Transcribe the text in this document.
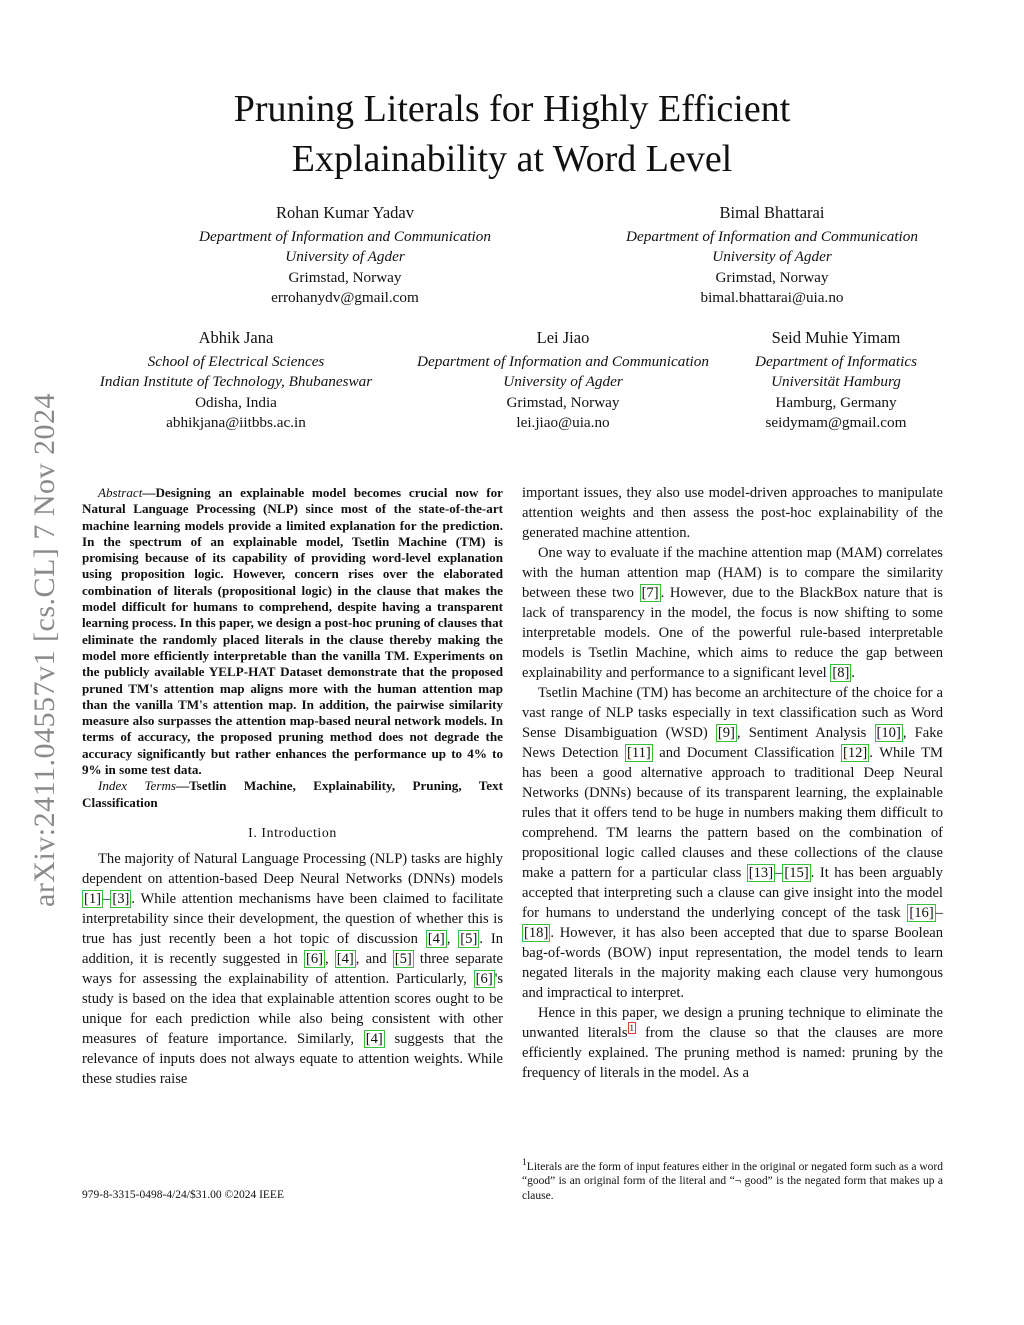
arXiv:2411.04557v1 [cs.CL] 7 Nov 2024
Pruning Literals for Highly Efficient
Explainability at Word Level
Rohan Kumar Yadav
Department of Information and Communication
University of Agder
Grimstad, Norway
errohanydv@gmail.com
Bimal Bhattarai
Department of Information and Communication
University of Agder
Grimstad, Norway
bimal.bhattarai@uia.no
Abhik Jana
School of Electrical Sciences
Indian Institute of Technology, Bhubaneswar
Odisha, India
abhikjana@iitbbs.ac.in
Lei Jiao
Department of Information and Communication
University of Agder
Grimstad, Norway
lei.jiao@uia.no
Seid Muhie Yimam
Department of Informatics
Universität Hamburg
Hamburg, Germany
seidymam@gmail.com

Abstract—Designing an explainable model becomes crucial now for Natural Language Processing (NLP) since most of the state-of-the-art machine learning models provide a limited explanation for the prediction. In the spectrum of an explainable model, Tsetlin Machine (TM) is promising because of its capability of providing word-level explanation using proposition logic. However, concern rises over the elaborated combination of literals (propositional logic) in the clause that makes the model difficult for humans to comprehend, despite having a transparent learning process. In this paper, we design a post-hoc pruning of clauses that eliminate the randomly placed literals in the clause thereby making the model more efficiently interpretable than the vanilla TM. Experiments on the publicly available YELP-HAT Dataset demonstrate that the proposed pruned TM's attention map aligns more with the human attention map than the vanilla TM's attention map. In addition, the pairwise similarity measure also surpasses the attention map-based neural network models. In terms of accuracy, the proposed pruning method does not degrade the accuracy significantly but rather enhances the performance up to 4% to 9% in some test data.

Index Terms—Tsetlin Machine, Explainability, Pruning, Text Classification

I. Introduction

The majority of Natural Language Processing (NLP) tasks are highly dependent on attention-based Deep Neural Networks (DNNs) models [1] – [3] . While attention mechanisms have been claimed to facilitate interpretability since their development, the question of whether this is true has just recently been a hot topic of discussion [4] , [5] . In addition, it is recently suggested in [6] , [4] , and [5] three separate ways for assessing the explainability of attention. Particularly, [6] 's study is based on the idea that explainable attention scores ought to be unique for each prediction while also being consistent with other measures of feature importance. Similarly, [4] suggests that the relevance of inputs does not always equate to attention weights. While these studies raise

important issues, they also use model-driven approaches to manipulate attention weights and then assess the post-hoc explainability of the generated machine attention.

One way to evaluate if the machine attention map (MAM) correlates with the human attention map (HAM) is to compare the similarity between these two [7] . However, due to the BlackBox nature that is lack of transparency in the model, the focus is now shifting to some interpretable models. One of the powerful rule-based interpretable models is Tsetlin Machine, which aims to reduce the gap between explainability and performance to a significant level [8] .

Tsetlin Machine (TM) has become an architecture of the choice for a vast range of NLP tasks especially in text classification such as Word Sense Disambiguation (WSD) [9] , Sentiment Analysis [10] , Fake News Detection [11] and Document Classification [12] . While TM has been a good alternative approach to traditional Deep Neural Networks (DNNs) because of its transparent learning, the explainable rules that it offers tend to be huge in numbers making them difficult to comprehend. TM learns the pattern based on the combination of propositional logic called clauses and these collections of the clause make a pattern for a particular class [13] – [15] . It has been arguably accepted that interpreting such a clause can give insight into the model for humans to understand the underlying concept of the task [16] –[18] . However, it has also been accepted that due to sparse Boolean bag-of-words (BOW) input representation, the model tends to learn negated literals in the majority making each clause very humongous and impractical to interpret.

Hence in this paper, we design a pruning technique to eliminate the unwanted literals $^1$ from the clause so that the clauses are more efficiently explained. The pruning method is named: pruning by the frequency of literals in the model. As a

$^1$Literals are the form of input features either in the original or negated form such as a word “good” is an original form of the literal and “¬ good” is the negated form that makes up a clause.
979-8-3315-0498-4/24/$31.00 ©2024 IEEE
